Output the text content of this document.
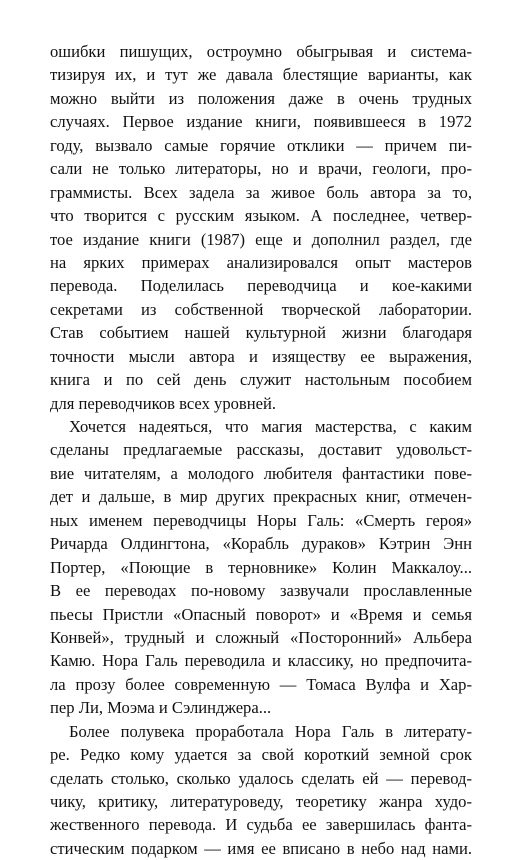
ошибки пишущих, остроумно обыгрывая и система-
тизируя их, и тут же давала блестящие варианты, как
можно выйти из положения даже в очень трудных
случаях. Первое издание книги, появившееся в 1972
году, вызвало самые горячие отклики — причем пи-
сали не только литераторы, но и врачи, геологи, про-
граммисты. Всех задела за живое боль автора за то,
что творится с русским языком. А последнее, четвер-
тое издание книги (1987) еще и дополнил раздел, где
на ярких примерах анализировался опыт мастеров
перевода. Поделилась переводчица и кое-какими
секретами из собственной творческой лаборатории.
Став событием нашей культурной жизни благодаря
точности мысли автора и изяществу ее выражения,
книга и по сей день служит настольным пособием
для переводчиков всех уровней.
Хочется надеяться, что магия мастерства, с каким
сделаны предлагаемые рассказы, доставит удовольст-
вие читателям, а молодого любителя фантастики пове-
дет и дальше, в мир других прекрасных книг, отмечен-
ных именем переводчицы Норы Галь: «Смерть героя»
Ричарда Олдингтона, «Корабль дураков» Кэтрин Энн
Портер, «Поющие в терновнике» Колин Маккалоу...
В ее переводах по-новому зазвучали прославленные
пьесы Пристли «Опасный поворот» и «Время и семья
Конвей», трудный и сложный «Посторонний» Альбера
Камю. Нора Галь переводила и классику, но предпочита-
ла прозу более современную — Томаса Вулфа и Хар-
пер Ли, Моэма и Сэлинджера...
Более полувека проработала Нора Галь в литерату-
ре. Редко кому удается за свой короткий земной срок
сделать столько, сколько удалось сделать ей — перевод-
чику, критику, литературоведу, теоретику жанра худо-
жественного перевода. И судьба ее завершилась фанта-
стическим подарком — имя ее вписано в небо над нами.
